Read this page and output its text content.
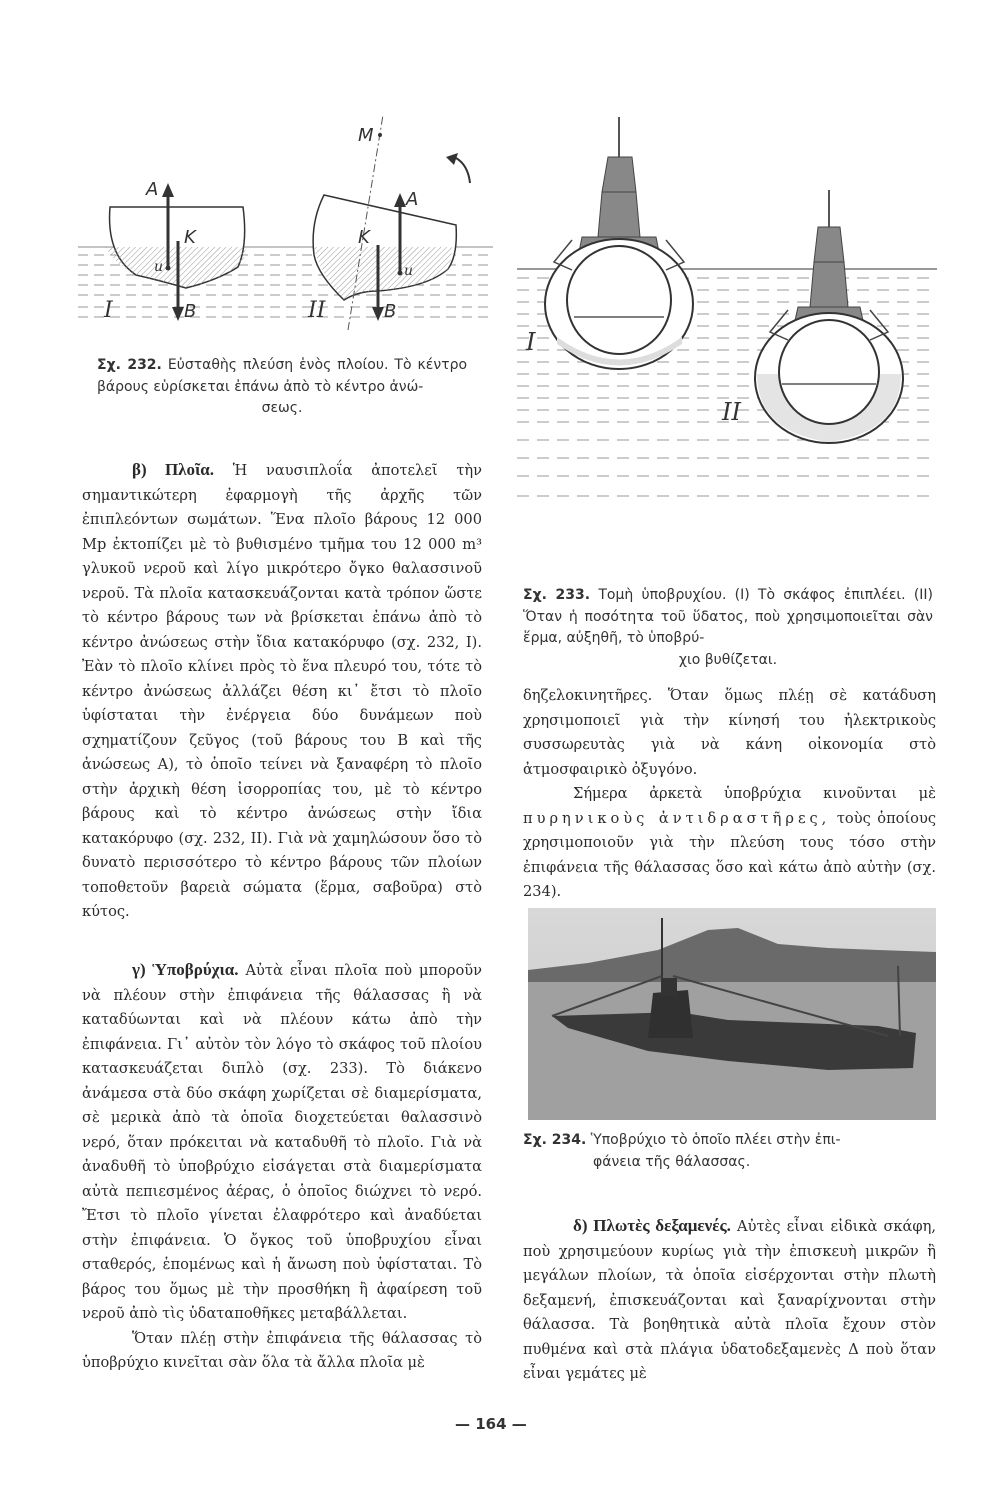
A
K
u
B
I
M
A
K
u
B
II
Σχ. 232. Εὐσταθὴς πλεύση ἑνὸς πλοίου. Τὸ κέντρο βάρους εὑρίσκεται ἐπάνω ἀπὸ τὸ κέντρο ἀνώ-
σεως.

β) Πλοῖα. Ἡ ναυσιπλοΐα ἀποτελεῖ τὴν σημαντικώτερη ἐφαρμογὴ τῆς ἀρχῆς τῶν ἐπιπλεόντων σωμάτων. Ἕνα πλοῖο βάρους 12 000 Mp ἐκτοπίζει μὲ τὸ βυθισμένο τμῆμα του 12 000 m³ γλυκοῦ νεροῦ καὶ λίγο μικρότερο ὄγκο θαλασσινοῦ νεροῦ. Τὰ πλοῖα κατασκευάζονται κατὰ τρόπον ὥστε τὸ κέντρο βάρους των νὰ βρίσκεται ἐπάνω ἀπὸ τὸ κέντρο ἀνώσεως στὴν ἴδια κατακόρυφο (σχ. 232, I). Ἐὰν τὸ πλοῖο κλίνει πρὸς τὸ ἕνα πλευρό του, τότε τὸ κέντρο ἀνώσεως ἀλλάζει θέση κι᾽ ἔτσι τὸ πλοῖο ὑφίσταται τὴν ἐνέργεια δύο δυνάμεων ποὺ σχηματίζουν ζεῦγος (τοῦ βάρους του B καὶ τῆς ἀνώσεως A), τὸ ὁποῖο τείνει νὰ ξαναφέρη τὸ πλοῖο στὴν ἀρχικὴ θέση ἰσορροπίας του, μὲ τὸ κέντρο βάρους καὶ τὸ κέντρο ἀνώσεως στὴν ἴδια κατακόρυφο (σχ. 232, II). Γιὰ νὰ χαμηλώσουν ὅσο τὸ δυνατὸ περισσότερο τὸ κέντρο βάρους τῶν πλοίων τοποθετοῦν βαρειὰ σώματα (ἕρμα, σαβοῦρα) στὸ κύτος.

γ) Ὑποβρύχια. Αὐτὰ εἶναι πλοῖα ποὺ μποροῦν νὰ πλέουν στὴν ἐπιφάνεια τῆς θάλασσας ἢ νὰ καταδύωνται καὶ νὰ πλέουν κάτω ἀπὸ τὴν ἐπιφάνεια. Γι᾽ αὐτὸν τὸν λόγο τὸ σκάφος τοῦ πλοίου κατασκευάζεται διπλὸ (σχ. 233). Τὸ διάκενο ἀνάμεσα στὰ δύο σκάφη χωρίζεται σὲ διαμερίσματα, σὲ μερικὰ ἀπὸ τὰ ὁποῖα διοχετεύεται θαλασσινὸ νερό, ὅταν πρόκειται νὰ καταδυθῆ τὸ πλοῖο. Γιὰ νὰ ἀναδυθῆ τὸ ὑποβρύχιο εἰσάγεται στὰ διαμερίσματα αὐτὰ πεπιεσμένος ἀέρας, ὁ ὁποῖος διώχνει τὸ νερό. Ἔτσι τὸ πλοῖο γίνεται ἐλαφρότερο καὶ ἀναδύεται στὴν ἐπιφάνεια. Ὁ ὄγκος τοῦ ὑποβρυχίου εἶναι σταθερός, ἑπομένως καὶ ἡ ἄνωση ποὺ ὑφίσταται. Τὸ βάρος του ὅμως μὲ τὴν προσθήκη ἢ ἀφαίρεση τοῦ νεροῦ ἀπὸ τὶς ὑδαταποθῆκες μεταβάλλεται.

Ὅταν πλέῃ στὴν ἐπιφάνεια τῆς θάλασσας τὸ ὑποβρύχιο κινεῖται σὰν ὅλα τὰ ἄλλα πλοῖα μὲ

I
II
Σχ. 233. Τομὴ ὑποβρυχίου. (I) Τὸ σκάφος ἐπιπλέει. (II) Ὅταν ἡ ποσότητα τοῦ ὕδατος, ποὺ χρησιμοποιεῖται σὰν ἕρμα, αὐξηθῆ, τὸ ὑποβρύ-
χιο βυθίζεται.

δηζελοκινητῆρες. Ὅταν ὅμως πλέῃ σὲ κατάδυση χρησιμοποιεῖ γιὰ τὴν κίνησή του ἠλεκτρικοὺς συσσωρευτὰς γιὰ νὰ κάνη οἰκονομία στὸ ἀτμοσφαιρικὸ ὀξυγόνο.

Σήμερα ἀρκετὰ ὑποβρύχια κινοῦνται μὲ πυρηνικοὺς ἀντιδραστῆρες, τοὺς ὁποίους χρησιμοποιοῦν γιὰ τὴν πλεύση τους τόσο στὴν ἐπιφάνεια τῆς θάλασσας ὅσο καὶ κάτω ἀπὸ αὐτὴν (σχ. 234).

Σχ. 234. Ὑποβρύχιο τὸ ὁποῖο πλέει στὴν ἐπι-
φάνεια τῆς θάλασσας.

δ) Πλωτὲς δεξαμενές. Αὐτὲς εἶναι εἰδικὰ σκάφη, ποὺ χρησιμεύουν κυρίως γιὰ τὴν ἐπισκευὴ μικρῶν ἢ μεγάλων πλοίων, τὰ ὁποῖα εἰσέρχονται στὴν πλωτὴ δεξαμενή, ἐπισκευάζονται καὶ ξαναρίχνονται στὴν θάλασσα. Τὰ βοηθητικὰ αὐτὰ πλοῖα ἔχουν στὸν πυθμένα καὶ στὰ πλάγια ὑδατοδεξαμενὲς Δ ποὺ ὅταν εἶναι γεμάτες μὲ

— 164 —
